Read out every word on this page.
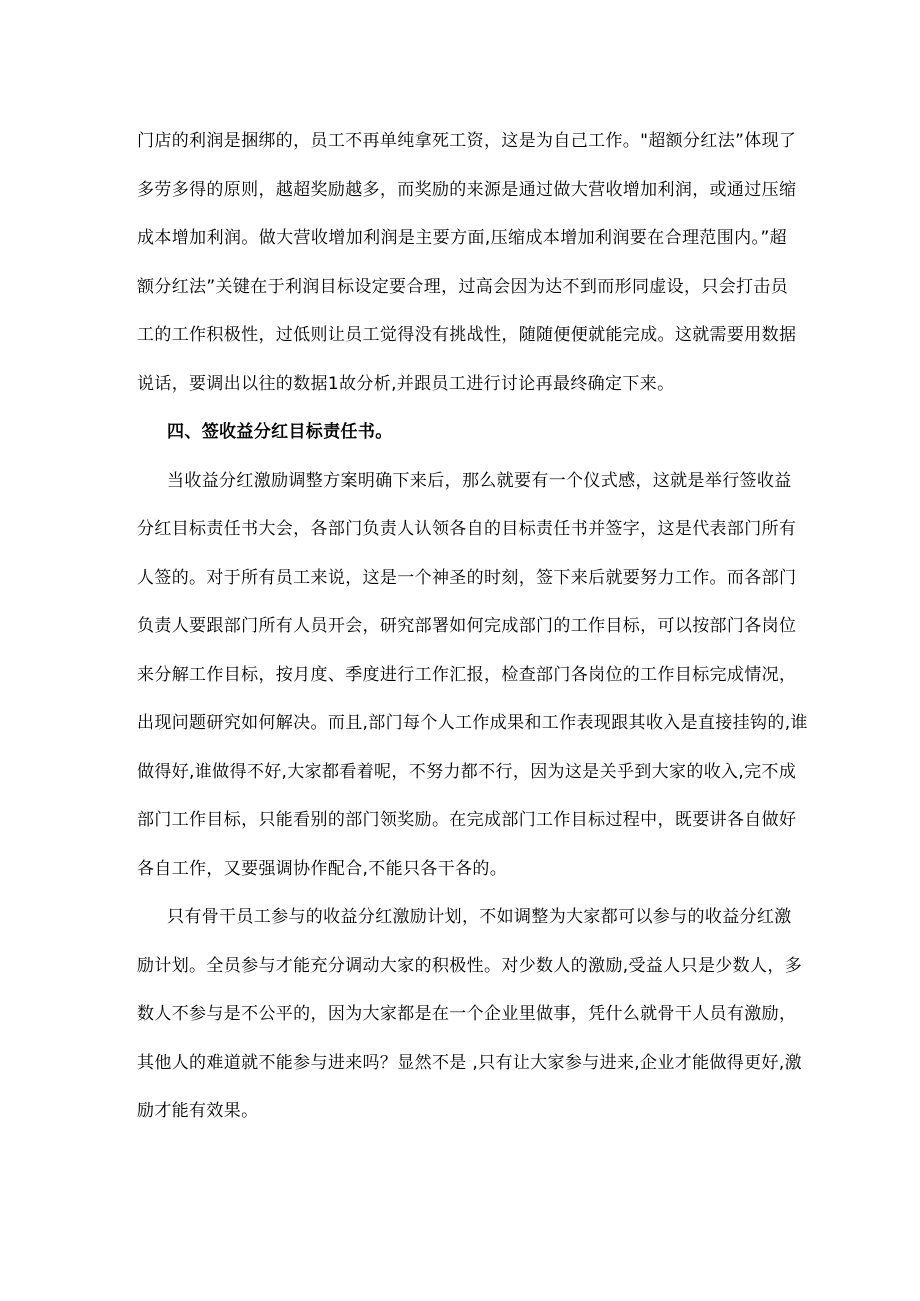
门店的利润是捆绑的，员工不再单纯拿死工资，这是为自己工作。"超额分红法”体现了
多劳多得的原则，越超奖励越多，而奖励的来源是通过做大营收增加利润，或通过压缩
成本增加利润。做大营收增加利润是主要方面,压缩成本增加利润要在合理范围内。”超
额分红法”关键在于利润目标设定要合理，过高会因为达不到而形同虚设，只会打击员
工的工作积极性，过低则让员工觉得没有挑战性，随随便便就能完成。这就需要用数据
说话，要调出以往的数据1故分析,并跟员工进行讨论再最终确定下来。
四、签收益分红目标责任书。
当收益分红激励调整方案明确下来后，那么就要有一个仪式感，这就是举行签收益
分红目标责任书大会，各部门负责人认领各自的目标责任书并签字，这是代表部门所有
人签的。对于所有员工来说，这是一个神圣的时刻，签下来后就要努力工作。而各部门
负责人要跟部门所有人员开会，研究部署如何完成部门的工作目标，可以按部门各岗位
来分解工作目标，按月度、季度进行工作汇报，检查部门各岗位的工作目标完成情况，
出现问题研究如何解决。而且,部门每个人工作成果和工作表现跟其收入是直接挂钩的,谁
做得好,谁做得不好,大家都看着呢，不努力都不行，因为这是关乎到大家的收入,完不成
部门工作目标，只能看别的部门领奖励。在完成部门工作目标过程中，既要讲各自做好
各自工作，又要强调协作配合,不能只各干各的。
只有骨干员工参与的收益分红激励计划，不如调整为大家都可以参与的收益分红激
励计划。全员参与才能充分调动大家的积极性。对少数人的激励,受益人只是少数人，多
数人不参与是不公平的，因为大家都是在一个企业里做事，凭什么就骨干人员有激励，
其他人的难道就不能参与进来吗？显然不是 ,只有让大家参与进来,企业才能做得更好,激
励才能有效果。
